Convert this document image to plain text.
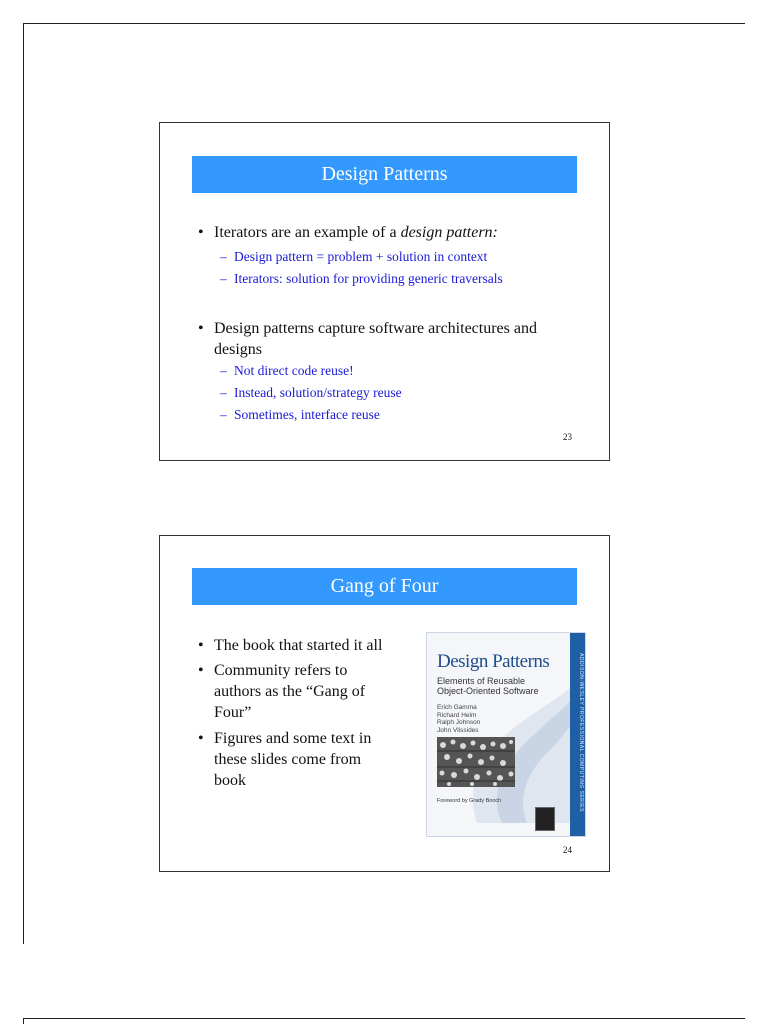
Design Patterns
• Iterators are an example of a design pattern:
– Design pattern = problem + solution in context
– Iterators: solution for providing generic traversals
• Design patterns capture software architectures and designs
– Not direct code reuse!
– Instead, solution/strategy reuse
– Sometimes, interface reuse
23
Gang of Four
• The book that started it all
• Community refers to authors as the “Gang of Four”
• Figures and some text in these slides come from book
Design Patterns
Elements of Reusable
Object-Oriented Software
Erich Gamma
Richard Helm
Ralph Johnson
John Vlissides
Foreword by Grady Booch	ADDISON-WESLEY PROFESSIONAL COMPUTING SERIES
24
